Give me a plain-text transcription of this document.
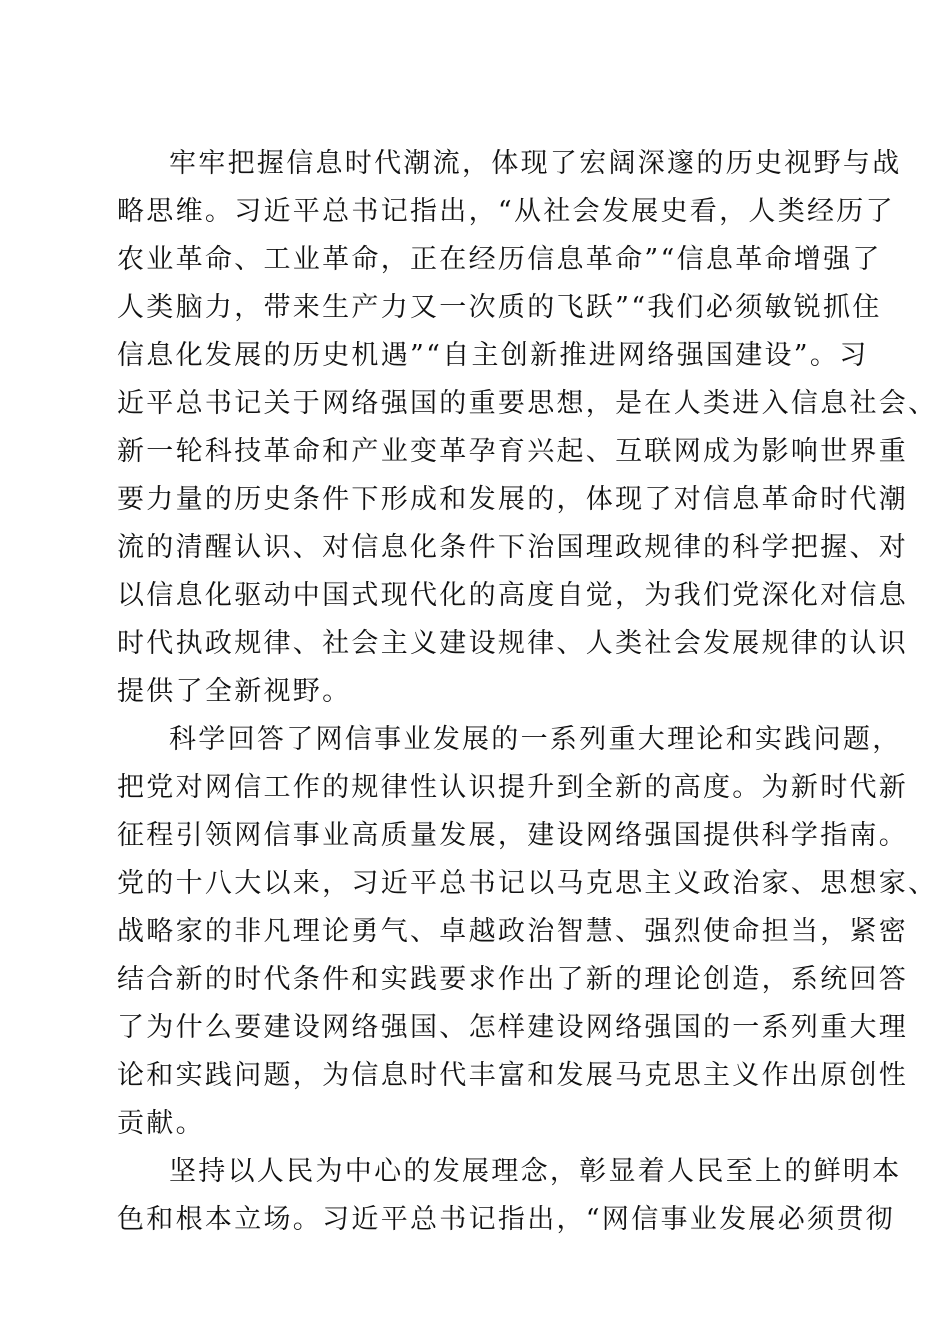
牢牢把握信息时代潮流，体现了宏阔深邃的历史视野与战
略思维。习近平总书记指出，“从社会发展史看，人类经历了
农业革命、工业革命，正在经历信息革命”“信息革命增强了
人类脑力，带来生产力又一次质的飞跃”“我们必须敏锐抓住
信息化发展的历史机遇”“自主创新推进网络强国建设”。习
近平总书记关于网络强国的重要思想，是在人类进入信息社会、
新一轮科技革命和产业变革孕育兴起、互联网成为影响世界重
要力量的历史条件下形成和发展的，体现了对信息革命时代潮
流的清醒认识、对信息化条件下治国理政规律的科学把握、对
以信息化驱动中国式现代化的高度自觉，为我们党深化对信息
时代执政规律、社会主义建设规律、人类社会发展规律的认识
提供了全新视野。
科学回答了网信事业发展的一系列重大理论和实践问题，
把党对网信工作的规律性认识提升到全新的高度。为新时代新
征程引领网信事业高质量发展，建设网络强国提供科学指南。
党的十八大以来，习近平总书记以马克思主义政治家、思想家、
战略家的非凡理论勇气、卓越政治智慧、强烈使命担当，紧密
结合新的时代条件和实践要求作出了新的理论创造，系统回答
了为什么要建设网络强国、怎样建设网络强国的一系列重大理
论和实践问题，为信息时代丰富和发展马克思主义作出原创性
贡献。
坚持以人民为中心的发展理念，彰显着人民至上的鲜明本
色和根本立场。习近平总书记指出，“网信事业发展必须贯彻
